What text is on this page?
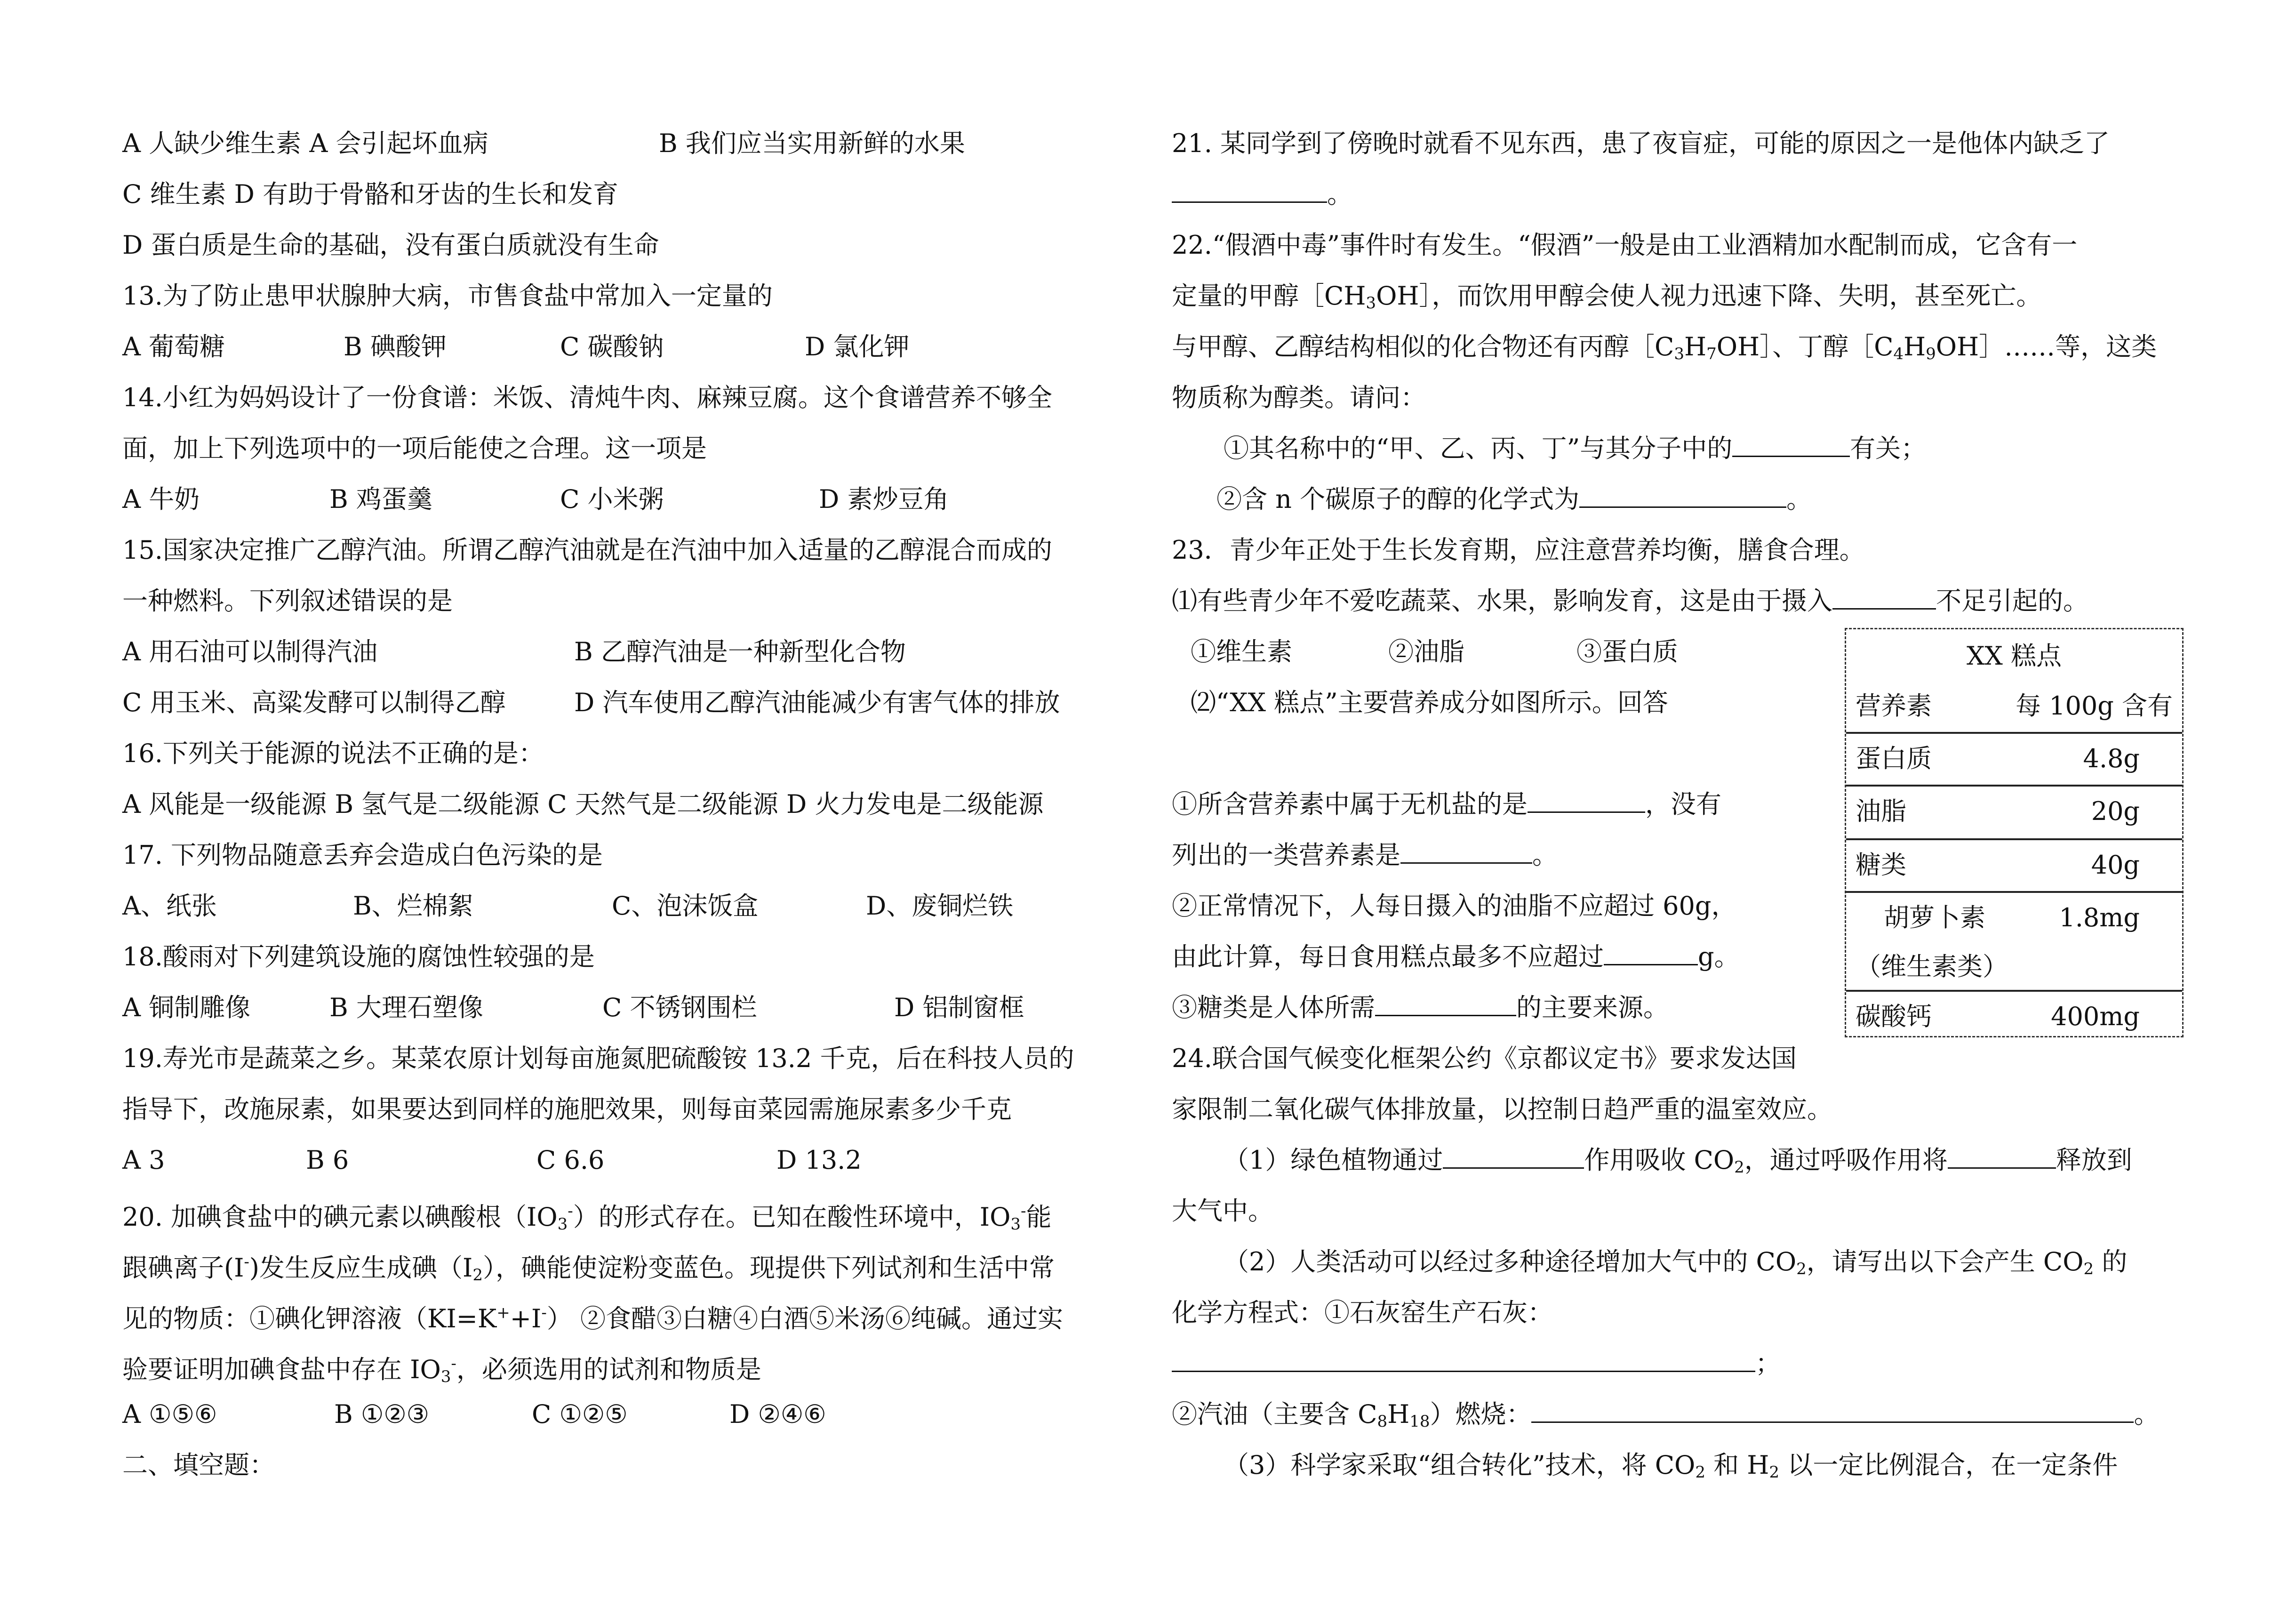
A 人缺少维生素 A 会引起坏血病	B 我们应当实用新鲜的水果
C 维生素 D 有助于骨骼和牙齿的生长和发育
D 蛋白质是生命的基础，没有蛋白质就没有生命
13.为了防止患甲状腺肿大病，市售食盐中常加入一定量的
A 葡萄糖	B 碘酸钾	C 碳酸钠	D 氯化钾
14.小红为妈妈设计了一份食谱：米饭、清炖牛肉、麻辣豆腐。这个食谱营养不够全
面，加上下列选项中的一项后能使之合理。这一项是
A 牛奶	B 鸡蛋羹	C 小米粥	D 素炒豆角
15.国家决定推广乙醇汽油。所谓乙醇汽油就是在汽油中加入适量的乙醇混合而成的
一种燃料。下列叙述错误的是
A 用石油可以制得汽油	B 乙醇汽油是一种新型化合物
C 用玉米、高粱发酵可以制得乙醇	D 汽车使用乙醇汽油能减少有害气体的排放
16.下列关于能源的说法不正确的是：
A 风能是一级能源 B 氢气是二级能源 C 天然气是二级能源 D 火力发电是二级能源
17. 下列物品随意丢弃会造成白色污染的是
A、纸张	B、烂棉絮	C、泡沫饭盒	D、废铜烂铁
18.酸雨对下列建筑设施的腐蚀性较强的是
A 铜制雕像	B 大理石塑像	C 不锈钢围栏	D 铝制窗框
19.寿光市是蔬菜之乡。某菜农原计划每亩施氮肥硫酸铵 13.2 千克，后在科技人员的
指导下，改施尿素，如果要达到同样的施肥效果，则每亩菜园需施尿素多少千克
A 3	B 6	C 6.6	D 13.2
20. 加碘食盐中的碘元素以碘酸根$(IO_3^-)$的形式存在。已知在酸性环境中，$IO_3^-$能
跟碘离子(I-)发生反应生成碘$(I_2)$，碘能使淀粉变蓝色。现提供下列试剂和生活中常
见的物质：①碘化钾溶液（KI=K++I-） ②食醋③白糖④白酒⑤米汤⑥纯碱。通过实
验要证明加碘食盐中存在 $IO_3^-$，必须选用的试剂和物质是
A ①⑤⑥	B ①②③	C ①②⑤	D ②④⑥
二、填空题：
21. 某同学到了傍晚时就看不见东西，患了夜盲症，可能的原因之一是他体内缺乏了
。
22.“假酒中毒”事件时有发生。“假酒”一般是由工业酒精加水配制而成，它含有一
定量的甲醇$[CH_3OH]$，而饮用甲醇会使人视力迅速下降、失明，甚至死亡。
与甲醇、乙醇结构相似的化合物还有丙醇$[C_3H_7OH]$、丁醇$[C_4H_9OH]\dots\dots$等，这类
物质称为醇类。请问：
①其名称中的“甲、乙、丙、丁”与其分子中的	有关；
②含 n 个碳原子的醇的化学式为	。
23．青少年正处于生长发育期，应注意营养均衡，膳食合理。
⑴有些青少年不爱吃蔬菜、水果，影响发育，这是由于摄入	不足引起的。
①维生素	②油脂	③蛋白质
⑵“XX 糕点”主要营养成分如图所示。回答
①所含营养素中属于无机盐的是	，没有
列出的一类营养素是	。
②正常情况下，人每日摄入的油脂不应超过 60g，
由此计算，每日食用糕点最多不应超过	g。
③糖类是人体所需	的主要来源。
XX 糕点
营养素	每 100g 含有
蛋白质	4.8g
油脂	20g
糖类	40g
胡萝卜素	1.8mg
（维生素类）
碳酸钙	400mg
24.联合国气候变化框架公约《京都议定书》要求发达国
家限制二氧化碳气体排放量，以控制日趋严重的温室效应。
（1）绿色植物通过	作用吸收 $CO_2$，通过呼吸作用将	释放到
大气中。
（2）人类活动可以经过多种途径增加大气中的 $CO_2$，请写出以下会产生 $CO_2$ 的
化学方程式：①石灰窑生产石灰：
；
②汽油（主要含 $C_8H_{18}$）燃烧：	。
（3）科学家采取“组合转化”技术，将 $CO_2$ 和 $H_2$ 以一定比例混合，在一定条件
